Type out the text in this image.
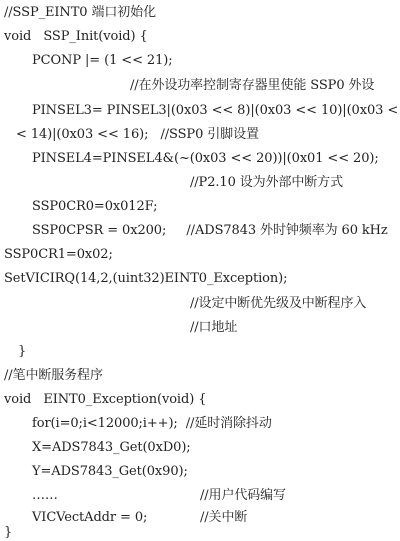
//SSP_EINT0 端口初始化
void   SSP_Init(void) {
PCONP |= (1 << 21);
//在外设功率控制寄存器里使能 SSP0 外设
PINSEL3= PINSEL3|(0x03 << 8)|(0x03 << 10)|(0x03 <
< 14)|(0x03 << 16);   //SSP0 引脚设置
PINSEL4=PINSEL4&(~(0x03 << 20))|(0x01 << 20);
//P2.10 设为外部中断方式
SSP0CR0=0x012F;
SSP0CPSR = 0x200;     //ADS7843 外时钟频率为 60 kHz
SSP0CR1=0x02;
SetVICIRQ(14,2,(uint32)EINT0_Exception);
//设定中断优先级及中断程序入
//口地址
}
//笔中断服务程序
void   EINT0_Exception(void) {
for(i=0;i<12000;i++);  //延时消除抖动
X=ADS7843_Get(0xD0);
Y=ADS7843_Get(0x90);
……	//用户代码编写
VICVectAddr = 0;	//关中断
}
